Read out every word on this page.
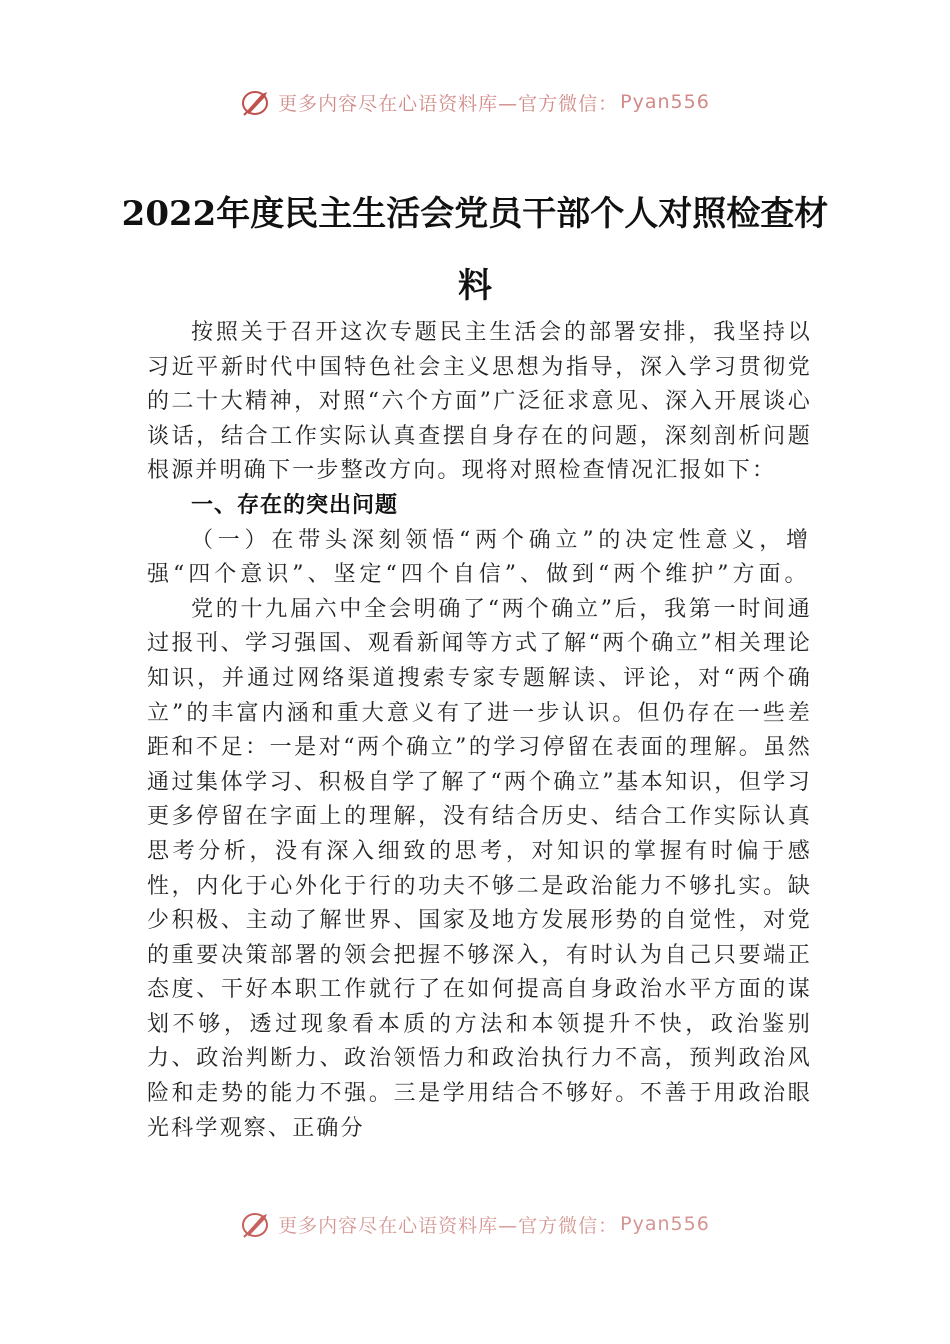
更多内容尽在心语资料库—官方微信： Pyan556
2022年度民主生活会党员干部个人对照检查材料

按照关于召开这次专题民主生活会的部署安排，我坚持以习近平新时代中国特色社会主义思想为指导，深入学习贯彻党的二十大精神，对照“六个方面”广泛征求意见、深入开展谈心谈话，结合工作实际认真查摆自身存在的问题，深刻剖析问题根源并明确下一步整改方向。现将对照检查情况汇报如下：

一、存在的突出问题

（一）在带头深刻领悟“两个确立”的决定性意义，增强“四个意识”、坚定“四个自信”、做到“两个维护”方面。

党的十九届六中全会明确了“两个确立”后，我第一时间通过报刊、学习强国、观看新闻等方式了解“两个确立”相关理论知识，并通过网络渠道搜索专家专题解读、评论，对“两个确立”的丰富内涵和重大意义有了进一步认识。但仍存在一些差距和不足：一是对“两个确立”的学习停留在表面的理解。虽然通过集体学习、积极自学了解了“两个确立”基本知识，但学习更多停留在字面上的理解，没有结合历史、结合工作实际认真思考分析，没有深入细致的思考，对知识的掌握有时偏于感性，内化于心外化于行的功夫不够二是政治能力不够扎实。缺少积极、主动了解世界、国家及地方发展形势的自觉性，对党的重要决策部署的领会把握不够深入，有时认为自己只要端正态度、干好本职工作就行了在如何提高自身政治水平方面的谋划不够，透过现象看本质的方法和本领提升不快，政治鉴别力、政治判断力、政治领悟力和政治执行力不高，预判政治风险和走势的能力不强。三是学用结合不够好。不善于用政治眼光科学观察、正确分

更多内容尽在心语资料库—官方微信： Pyan556
